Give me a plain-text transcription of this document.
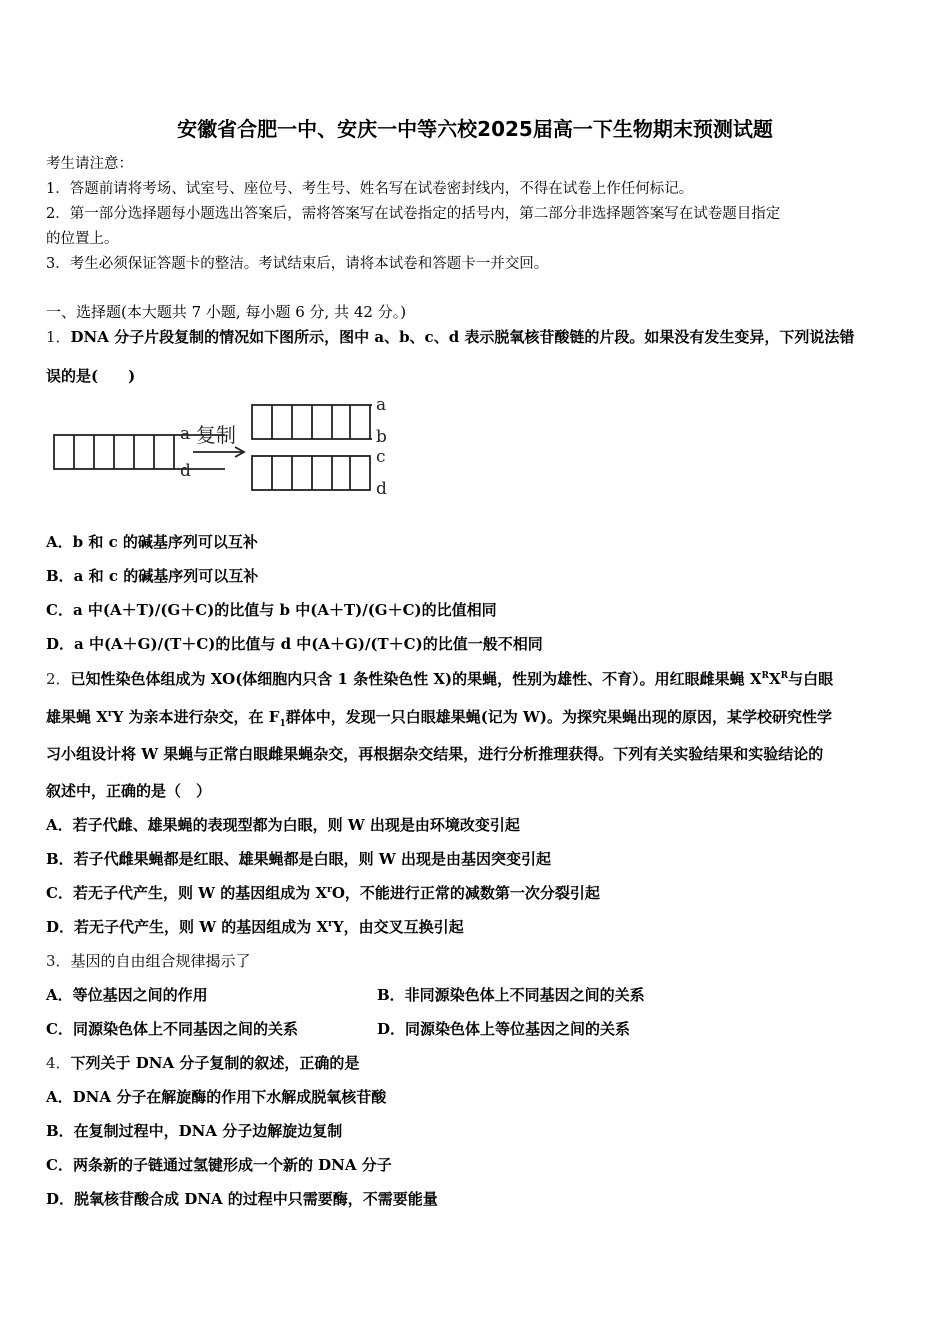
安徽省合肥一中、安庆一中等六校2025届高一下生物期末预测试题
考生请注意：
1．答题前请将考场、试室号、座位号、考生号、姓名写在试卷密封线内，不得在试卷上作任何标记。
2．第一部分选择题每小题选出答案后，需将答案写在试卷指定的括号内，第二部分非选择题答案写在试卷题目指定
的位置上。
3．考生必须保证答题卡的整洁。考试结束后，请将本试卷和答题卡一并交回。
一、选择题(本大题共 7 小题, 每小题 6 分, 共 42 分。)
1．DNA 分子片段复制的情况如下图所示，图中 a、b、c、d 表示脱氧核苷酸链的片段。如果没有发生变异，下列说法错
误的是(　　)
a
d
复制
a
b
c
d
A．b 和 c 的碱基序列可以互补
B．a 和 c 的碱基序列可以互补
C．a 中(A＋T)/(G＋C)的比值与 b 中(A＋T)/(G＋C)的比值相同
D．a 中(A＋G)/(T＋C)的比值与 d 中(A＋G)/(T＋C)的比值一般不相同
2．已知性染色体组成为 XO(体细胞内只含 1 条性染色性 X)的果蝇，性别为雄性、不育）。用红眼雌果蝇 $X^RX^R$与白眼
雄果蝇 $X^rY$ 为亲本进行杂交，在 $F_1$群体中，发现一只白眼雄果蝇(记为 W)。为探究果蝇出现的原因，某学校研究性学
习小组设计将 W 果蝇与正常白眼雌果蝇杂交，再根据杂交结果，进行分析推理获得。下列有关实验结果和实验结论的
叙述中，正确的是（　）
A．若子代雌、雄果蝇的表现型都为白眼，则 W 出现是由环境改变引起
B．若子代雌果蝇都是红眼、雄果蝇都是白眼，则 W 出现是由基因突变引起
C．若无子代产生，则 W 的基因组成为 $X^rO$，不能进行正常的减数第一次分裂引起
D．若无子代产生，则 W 的基因组成为 $X^rY$，由交叉互换引起
3．基因的自由组合规律揭示了
A．等位基因之间的作用	B．非同源染色体上不同基因之间的关系
C．同源染色体上不同基因之间的关系	D．同源染色体上等位基因之间的关系
4．下列关于 DNA 分子复制的叙述，正确的是
A．DNA 分子在解旋酶的作用下水解成脱氧核苷酸
B．在复制过程中，DNA 分子边解旋边复制
C．两条新的子链通过氢键形成一个新的 DNA 分子
D．脱氧核苷酸合成 DNA 的过程中只需要酶，不需要能量
